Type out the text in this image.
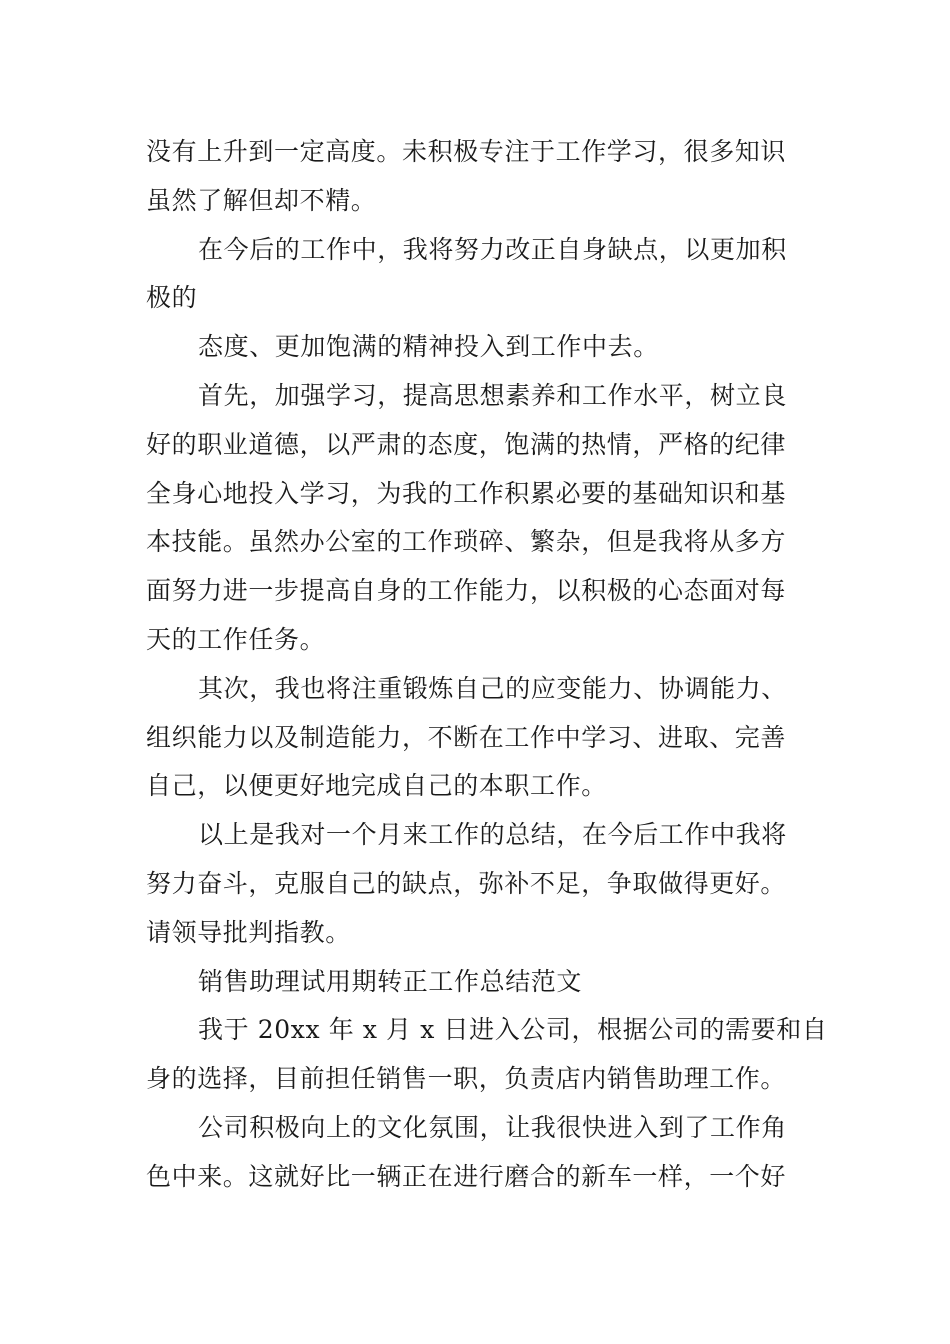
没有上升到一定高度。未积极专注于工作学习，很多知识
虽然了解但却不精。
在今后的工作中，我将努力改正自身缺点，以更加积
极的
态度、更加饱满的精神投入到工作中去。
首先，加强学习，提高思想素养和工作水平，树立良
好的职业道德，以严肃的态度，饱满的热情，严格的纪律
全身心地投入学习，为我的工作积累必要的基础知识和基
本技能。虽然办公室的工作琐碎、繁杂，但是我将从多方
面努力进一步提高自身的工作能力，以积极的心态面对每
天的工作任务。
其次，我也将注重锻炼自己的应变能力、协调能力、
组织能力以及制造能力，不断在工作中学习、进取、完善
自己，以便更好地完成自己的本职工作。
以上是我对一个月来工作的总结，在今后工作中我将
努力奋斗，克服自己的缺点，弥补不足，争取做得更好。
请领导批判指教。
销售助理试用期转正工作总结范文
我于 20xx 年 x 月 x 日进入公司，根据公司的需要和自
身的选择，目前担任销售一职，负责店内销售助理工作。
公司积极向上的文化氛围，让我很快进入到了工作角
色中来。这就好比一辆正在进行磨合的新车一样，一个好
